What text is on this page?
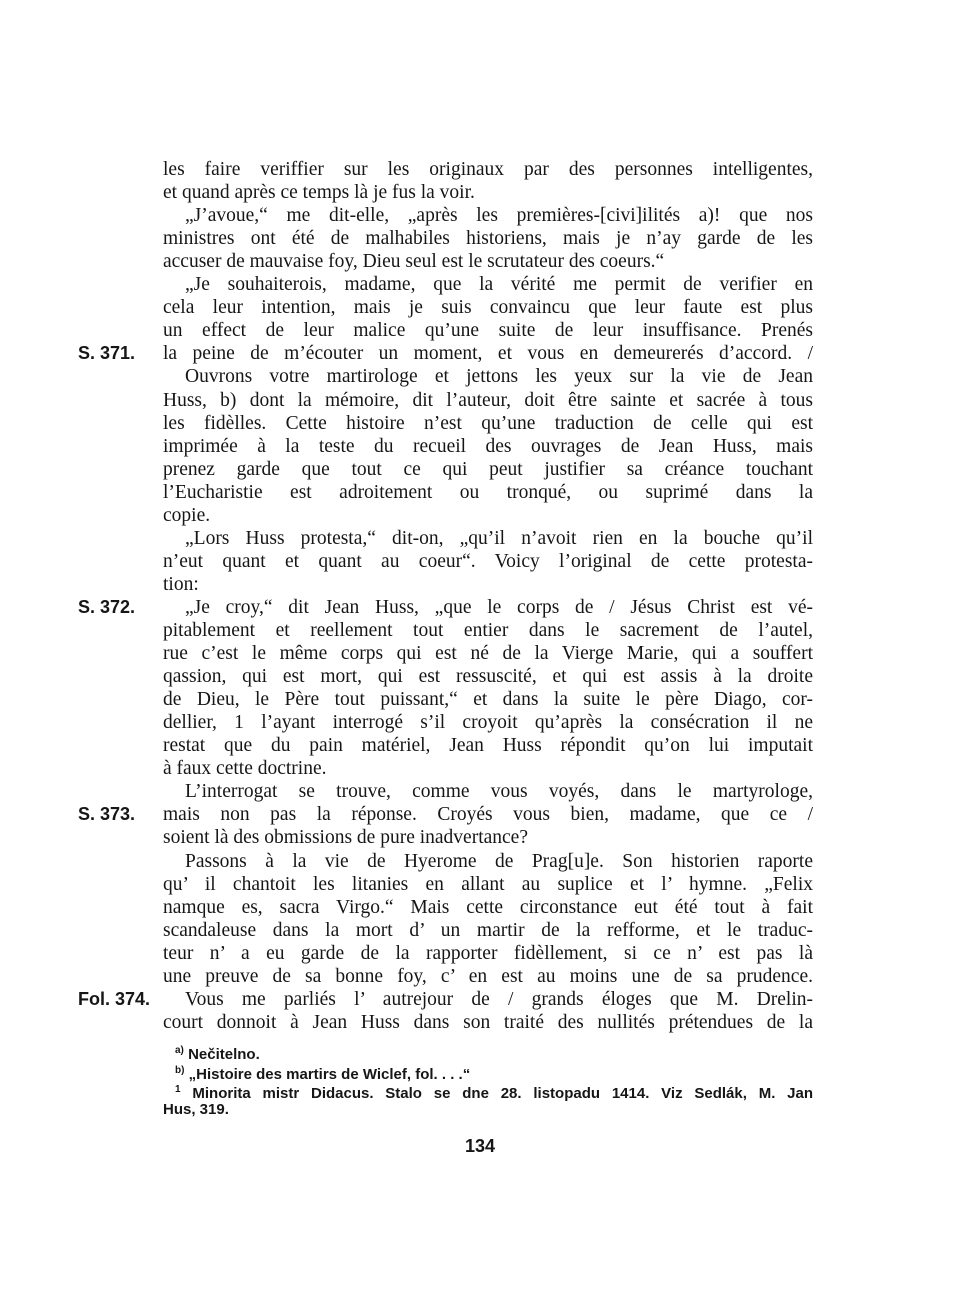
les faire veriffier sur les originaux par des personnes intelligentes,
et quand après ce temps là je fus la voir.
„J’avoue,“ me dit-elle, „après les premières-[civi]ilités a)! que nos
ministres ont été de malhabiles historiens, mais je n’ay garde de les
accuser de mauvaise foy, Dieu seul est le scrutateur des coeurs.“
„Je souhaiterois, madame, que la vérité me permit de verifier en
cela leur intention, mais je suis convaincu que leur faute est plus
un effect de leur malice qu’une suite de leur insuffisance. Prenés
la peine de m’écouter un moment, et vous en demeurerés d’accord. /
Ouvrons votre martirologe et jettons les yeux sur la vie de Jean
Huss, b) dont la mémoire, dit l’auteur, doit être sainte et sacrée à tous
les fidèlles. Cette histoire n’est qu’une traduction de celle qui est
imprimée à la teste du recueil des ouvrages de Jean Huss, mais
prenez garde que tout ce qui peut justifier sa créance touchant
l’Eucharistie est adroitement ou tronqué, ou suprimé dans la
copie.
„Lors Huss protesta,“ dit-on, „qu’il n’avoit rien en la bouche qu’il
n’eut quant et quant au coeur“. Voicy l’original de cette protesta-
tion:
„Je croy,“ dit Jean Huss, „que le corps de / Jésus Christ est vé-
pitablement et reellement tout entier dans le sacrement de l’autel,
rue c’est le même corps qui est né de la Vierge Marie, qui a souffert
qassion, qui est mort, qui est ressuscité, et qui est assis à la droite
de Dieu, le Père tout puissant,“ et dans la suite le père Diago, cor-
dellier, 1 l’ayant interrogé s’il croyoit qu’après la consécration il ne
restat que du pain matériel, Jean Huss répondit qu’on lui imputait
à faux cette doctrine.
L’interrogat se trouve, comme vous voyés, dans le martyrologe,
mais non pas la réponse. Croyés vous bien, madame, que ce /
soient là des obmissions de pure inadvertance?
Passons à la vie de Hyerome de Prag[u]e. Son historien raporte
qu’ il chantoit les litanies en allant au suplice et l’ hymne. „Felix
namque es, sacra Virgo.“ Mais cette circonstance eut été tout à fait
scandaleuse dans la mort d’ un martir de la refforme, et le traduc-
teur n’ a eu garde de la rapporter fidèllement, si ce n’ est pas là
une preuve de sa bonne foy, c’ en est au moins une de sa prudence.
Vous me parliés l’ autrejour de / grands éloges que M. Drelin-
court donnoit à Jean Huss dans son traité des nullités prétendues de la
S. 371.
S. 372.
S. 373.
Fol. 374.
$^{a)}$ Nečitelno.
$^{b)}$ „Histoire des martirs de Wiclef, fol. . . .“
$^1$ Minorita mistr Didacus. Stalo se dne 28. listopadu 1414. Viz Sedlák, M. Jan
Hus, 319.
134
